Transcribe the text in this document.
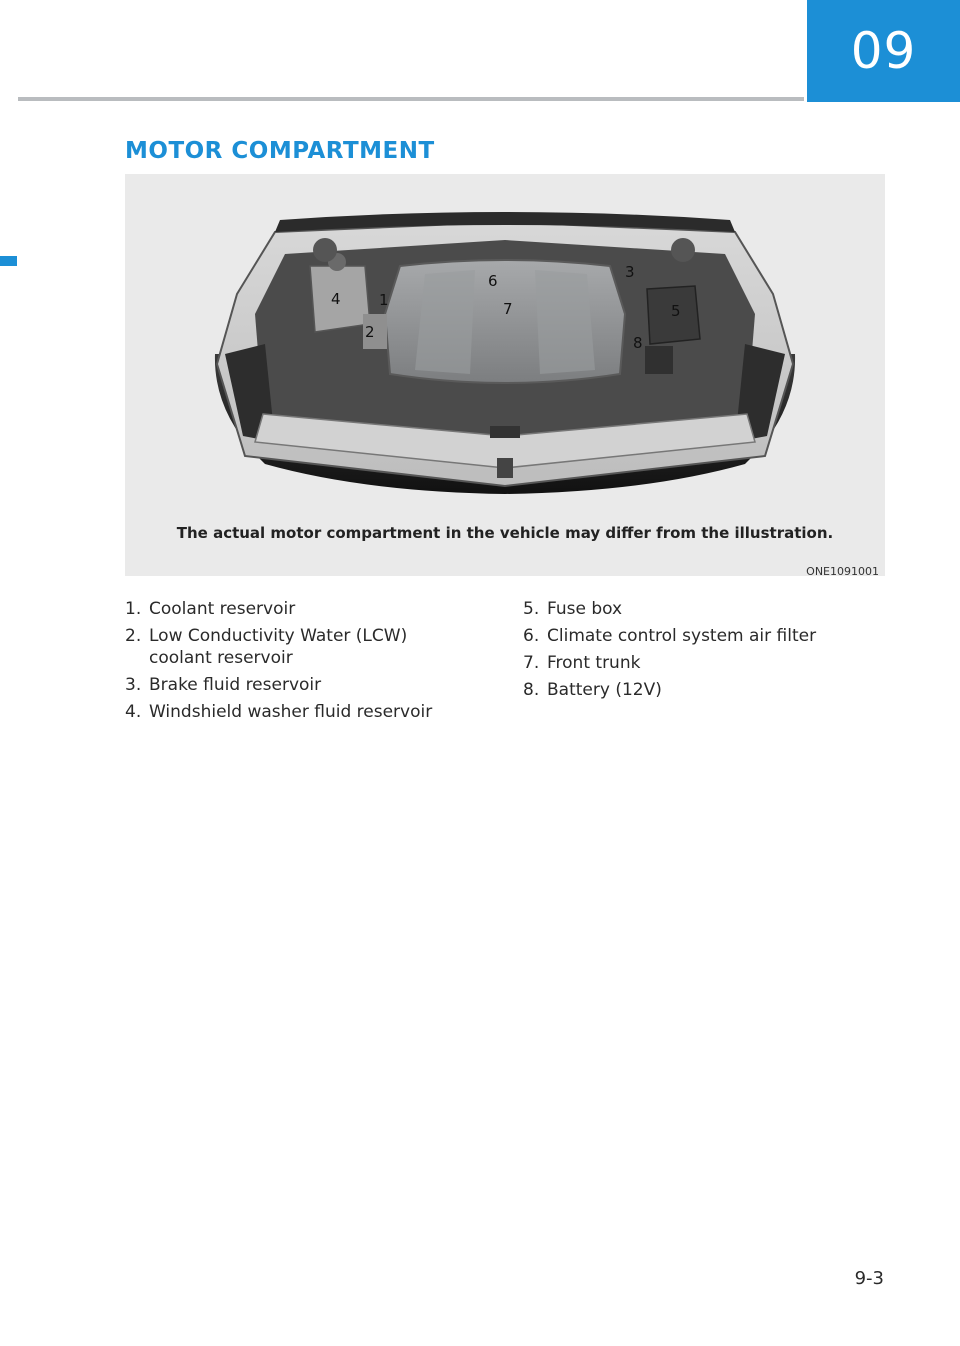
09
MOTOR COMPARTMENT
1
2
3
4
5
6
7
8
The actual motor compartment in the vehicle may differ from the illustration.
ONE1091001
1. Coolant reservoir
2. Low Conductivity Water (LCW) coolant reservoir
3. Brake fluid reservoir
4. Windshield washer fluid reservoir
5. Fuse box
6. Climate control system air filter
7. Front trunk
8. Battery (12V)
9-3
